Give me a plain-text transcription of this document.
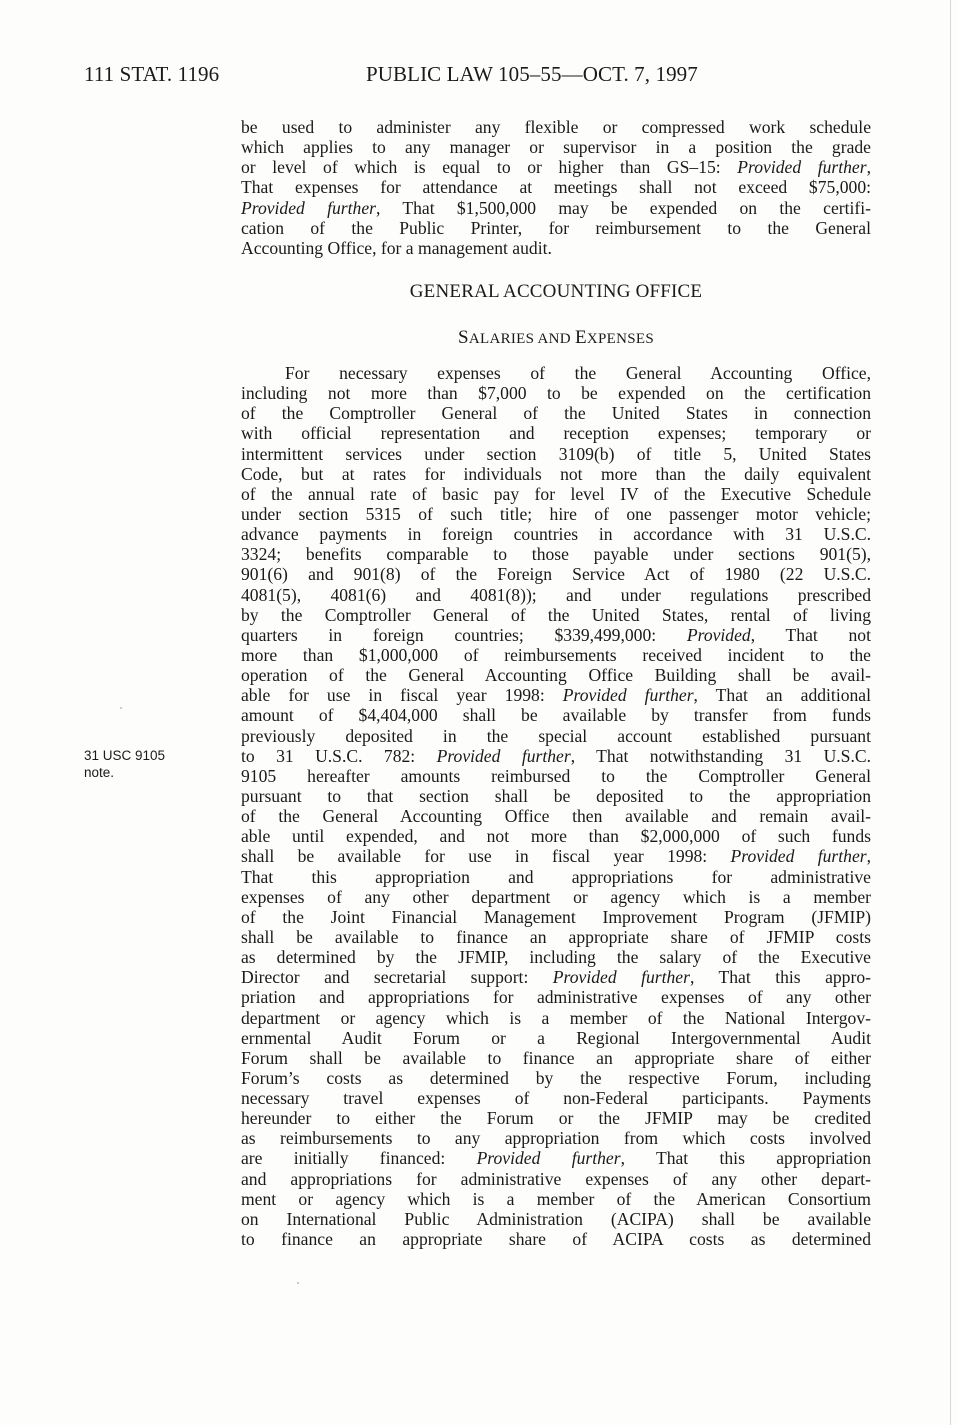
111 STAT. 1196	PUBLIC LAW 105–55—OCT. 7, 1997
be used to administer any flexible or compressed work schedule
which applies to any manager or supervisor in a position the grade
or level of which is equal to or higher than GS–15: Provided further,
That expenses for attendance at meetings shall not exceed $75,000:
Provided further, That $1,500,000 may be expended on the certifi-
cation of the Public Printer, for reimbursement to the General
Accounting Office, for a management audit.
GENERAL ACCOUNTING OFFICE
SALARIES AND EXPENSES
31 USC 9105
note.
For necessary expenses of the General Accounting Office,
including not more than $7,000 to be expended on the certification
of the Comptroller General of the United States in connection
with official representation and reception expenses; temporary or
intermittent services under section 3109(b) of title 5, United States
Code, but at rates for individuals not more than the daily equivalent
of the annual rate of basic pay for level IV of the Executive Schedule
under section 5315 of such title; hire of one passenger motor vehicle;
advance payments in foreign countries in accordance with 31 U.S.C.
3324; benefits comparable to those payable under sections 901(5),
901(6) and 901(8) of the Foreign Service Act of 1980 (22 U.S.C.
4081(5), 4081(6) and 4081(8)); and under regulations prescribed
by the Comptroller General of the United States, rental of living
quarters in foreign countries; $339,499,000: Provided, That not
more than $1,000,000 of reimbursements received incident to the
operation of the General Accounting Office Building shall be avail-
able for use in fiscal year 1998: Provided further, That an additional
amount of $4,404,000 shall be available by transfer from funds
previously deposited in the special account established pursuant
to 31 U.S.C. 782: Provided further, That notwithstanding 31 U.S.C.
9105 hereafter amounts reimbursed to the Comptroller General
pursuant to that section shall be deposited to the appropriation
of the General Accounting Office then available and remain avail-
able until expended, and not more than $2,000,000 of such funds
shall be available for use in fiscal year 1998: Provided further,
That this appropriation and appropriations for administrative
expenses of any other department or agency which is a member
of the Joint Financial Management Improvement Program (JFMIP)
shall be available to finance an appropriate share of JFMIP costs
as determined by the JFMIP, including the salary of the Executive
Director and secretarial support: Provided further, That this appro-
priation and appropriations for administrative expenses of any other
department or agency which is a member of the National Intergov-
ernmental Audit Forum or a Regional Intergovernmental Audit
Forum shall be available to finance an appropriate share of either
Forum’s costs as determined by the respective Forum, including
necessary travel expenses of non-Federal participants. Payments
hereunder to either the Forum or the JFMIP may be credited
as reimbursements to any appropriation from which costs involved
are initially financed: Provided further, That this appropriation
and appropriations for administrative expenses of any other depart-
ment or agency which is a member of the American Consortium
on International Public Administration (ACIPA) shall be available
to finance an appropriate share of ACIPA costs as determined
